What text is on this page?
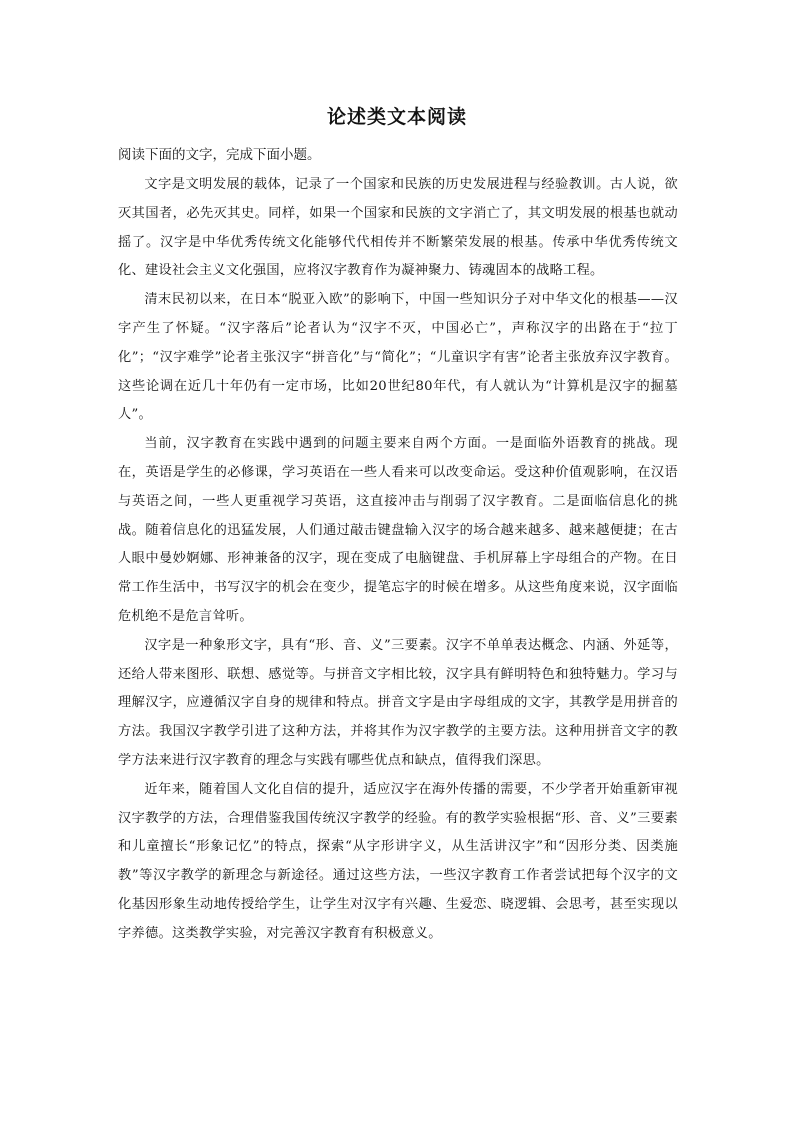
论述类文本阅读
阅读下面的文字，完成下面小题。

文字是文明发展的载体，记录了一个国家和民族的历史发展进程与经验教训。古人说，欲灭其国者，必先灭其史。同样，如果一个国家和民族的文字消亡了，其文明发展的根基也就动摇了。汉字是中华优秀传统文化能够代代相传并不断繁荣发展的根基。传承中华优秀传统文化、建设社会主义文化强国，应将汉字教育作为凝神聚力、铸魂固本的战略工程。

清末民初以来，在日本“脱亚入欧”的影响下，中国一些知识分子对中华文化的根基——汉字产生了怀疑。“汉字落后”论者认为“汉字不灭，中国必亡”，声称汉字的出路在于“拉丁化”；“汉字难学”论者主张汉字“拼音化”与“简化”；“儿童识字有害”论者主张放弃汉字教育。这些论调在近几十年仍有一定市场，比如20世纪80年代，有人就认为“计算机是汉字的掘墓人”。

当前，汉字教育在实践中遇到的问题主要来自两个方面。一是面临外语教育的挑战。现在，英语是学生的必修课，学习英语在一些人看来可以改变命运。受这种价值观影响，在汉语与英语之间，一些人更重视学习英语，这直接冲击与削弱了汉字教育。二是面临信息化的挑战。随着信息化的迅猛发展，人们通过敲击键盘输入汉字的场合越来越多、越来越便捷；在古人眼中曼妙婀娜、形神兼备的汉字，现在变成了电脑键盘、手机屏幕上字母组合的产物。在日常工作生活中，书写汉字的机会在变少，提笔忘字的时候在增多。从这些角度来说，汉字面临危机绝不是危言耸听。

汉字是一种象形文字，具有“形、音、义”三要素。汉字不单单表达概念、内涵、外延等，还给人带来图形、联想、感觉等。与拼音文字相比较，汉字具有鲜明特色和独特魅力。学习与理解汉字，应遵循汉字自身的规律和特点。拼音文字是由字母组成的文字，其教学是用拼音的方法。我国汉字教学引进了这种方法，并将其作为汉字教学的主要方法。这种用拼音文字的教学方法来进行汉字教育的理念与实践有哪些优点和缺点，值得我们深思。

近年来，随着国人文化自信的提升，适应汉字在海外传播的需要，不少学者开始重新审视汉字教学的方法，合理借鉴我国传统汉字教学的经验。有的教学实验根据“形、音、义”三要素和儿童擅长“形象记忆”的特点，探索“从字形讲字义，从生活讲汉字”和“因形分类、因类施教”等汉字教学的新理念与新途径。通过这些方法，一些汉字教育工作者尝试把每个汉字的文化基因形象生动地传授给学生，让学生对汉字有兴趣、生爱恋、晓逻辑、会思考，甚至实现以字养德。这类教学实验，对完善汉字教育有积极意义。
